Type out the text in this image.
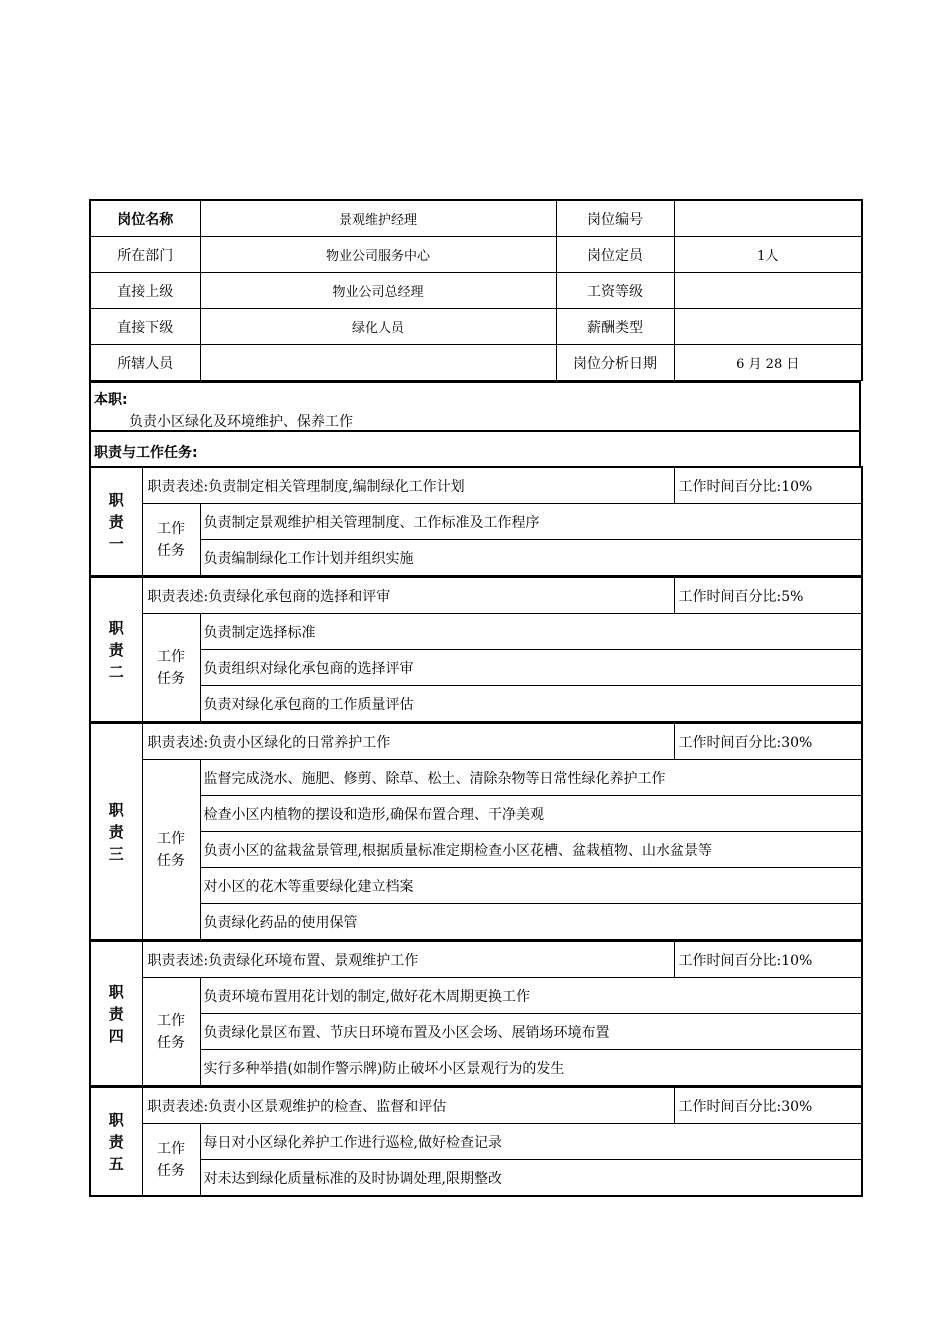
岗位名称	景观维护经理	岗位编号	
所在部门	物业公司服务中心	岗位定员	1人
直接上级	物业公司总经理	工资等级	
直接下级	绿化人员	薪酬类型	
所辖人员		岗位分析日期	6 月 28 日
本职:
负责小区绿化及环境维护、保养工作
职责与工作任务:
职
责
一	职责表述:负责制定相关管理制度,编制绿化工作计划		工作时间百分比:10%

	工作
任务	负责制定景观维护相关管理制度、工作标准及工作程序	
		负责编制绿化工作计划并组织实施	
职
责
二	职责表述:负责绿化承包商的选择和评审		工作时间百分比:5%

	工作
任务	负责制定选择标准	
		负责组织对绿化承包商的选择评审	
		负责对绿化承包商的工作质量评估	
职
责
三	职责表述:负责小区绿化的日常养护工作		工作时间百分比:30%

	工作
任务	监督完成浇水、施肥、修剪、除草、松土、清除杂物等日常性绿化养护工作	
		检查小区内植物的摆设和造形,确保布置合理、干净美观	
		负责小区的盆栽盆景管理,根据质量标准定期检查小区花槽、盆栽植物、山水盆景等	
		对小区的花木等重要绿化建立档案	
		负责绿化药品的使用保管	
职
责
四	职责表述:负责绿化环境布置、景观维护工作		工作时间百分比:10%

	工作
任务	负责环境布置用花计划的制定,做好花木周期更换工作	
		负责绿化景区布置、节庆日环境布置及小区会场、展销场环境布置	
		实行多种举措(如制作警示牌)防止破坏小区景观行为的发生	
职
责
五	职责表述:负责小区景观维护的检查、监督和评估		工作时间百分比:30%

	工作
任务	每日对小区绿化养护工作进行巡检,做好检查记录	
		对未达到绿化质量标准的及时协调处理,限期整改	
